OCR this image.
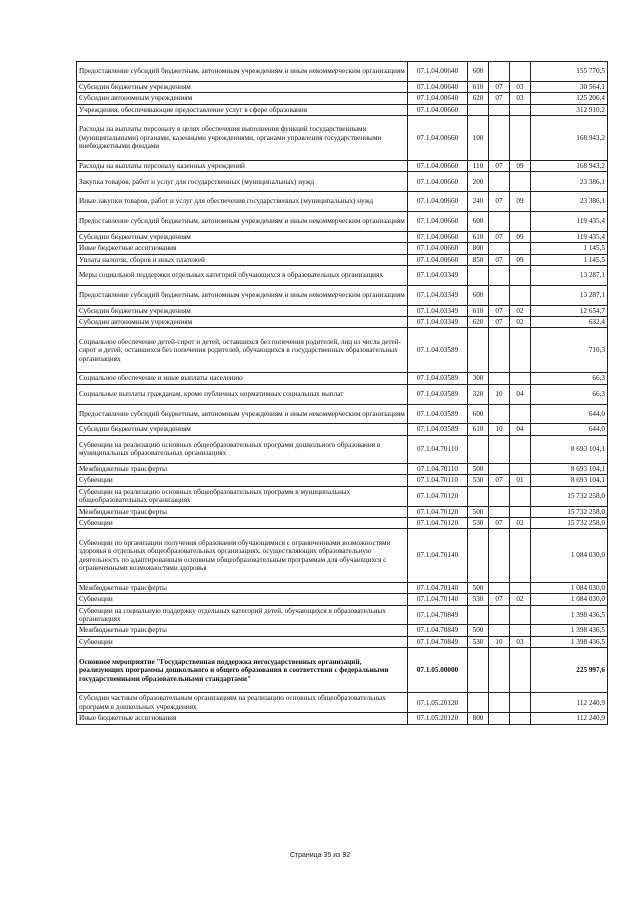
Предоставление субсидий бюджетным, автономным учреждениям и иным некоммерческим организациям	07.1.04.00640	600			155 770,5
Субсидии бюджетным учреждениям	07.1.04.00640	610	07	03	30 564,1
Субсидии автономным учреждениям	07.1.04.00640	620	07	03	125 206,4
Учреждения, обеспечивающие предоставление услуг в сфере образования	07.1.04.00660				312 910,2
Расходы на выплаты персоналу в целях обеспечения выполнения функций государственными (муниципальными) органами, казенными учреждениями, органами управления государственными внебюджетными фондами	07.1.04.00660	100			168 943,2
Расходы на выплаты персоналу казенных учреждений	07.1.04.00660	110	07	09	168 943,2
Закупка товаров, работ и услуг для государственных (муниципальных) нужд	07.1.04.00660	200			23 386,1
Иные закупки товаров, работ и услуг для обеспечения государственных (муниципальных) нужд	07.1.04.00660	240	07	09	23 386,1
Предоставление субсидий бюджетным, автономным учреждениям и иным некоммерческим организациям	07.1.04.00660	600			119 435,4
Субсидии бюджетным учреждениям	07.1.04.00660	610	07	09	119 435,4
Иные бюджетные ассигнования	07.1.04.00660	800			1 145,5
Уплата налогов, сборов и иных платежей	07.1.04.00660	850	07	09	1 145,5
Меры социальной поддержки отдельных категорий обучающихся в образовательных организациях	07.1.04.03349				13 287,1
Предоставление субсидий бюджетным, автономным учреждениям и иным некоммерческим организациям	07.1.04.03349	600			13 287,1
Субсидии бюджетным учреждениям	07.1.04.03349	610	07	02	12 654,7
Субсидии автономным учреждениям	07.1.04.03349	620	07	02	632,4
Социальное обеспечение детей-сирот и детей, оставшихся без попечения родителей, лиц из числа детей-сирот и детей, оставшихся без попечения родителей, обучающихся в государственных образовательных организациях	07.1.04.03589				710,3
Социальное обеспечение и иные выплаты населению	07.1.04.03589	300			66,3
Социальные выплаты гражданам, кроме публичных нормативных социальных выплат	07.1.04.03589	320	10	04	66,3
Предоставление субсидий бюджетным, автономным учреждениям и иным некоммерческим организациям	07.1.04.03589	600			644,0
Субсидии бюджетным учреждениям	07.1.04.03589	610	10	04	644,0
Субвенции на реализацию основных общеобразовательных программ дошкольного образования в муниципальных образовательных организациях	07.1.04.70110				8 693 104,1
Межбюджетные трансферты	07.1.04.70110	500			8 693 104,1
Субвенции	07.1.04.70110	530	07	01	8 693 104,1
Субвенции на реализацию основных общеобразовательных программ в муниципальных общеобразовательных организациях	07.1.04.70120				15 732 258,0
Межбюджетные трансферты	07.1.04.70120	500			15 732 258,0
Субвенции	07.1.04.70120	530	07	02	15 732 258,0
Субвенции по организации получения образования обучающимися с ограниченными возможностями здоровья в отдельных общеобразовательных организациях, осуществляющих образовательную деятельность по адаптированным основным общеобразовательным программам для обучающихся с ограниченными возможностями здоровья	07.1.04.70140				1 084 030,0
Межбюджетные трансферты	07.1.04.70140	500			1 084 030,0
Субвенции	07.1.04.70140	530	07	02	1 084 030,0
Субвенции на социальную поддержку отдельных категорий детей, обучающихся в образовательных организациях	07.1.04.70849				1 398 436,5
Межбюджетные трансферты	07.1.04.70849	500			1 398 436,5
Субвенции	07.1.04.70849	530	10	03	1 398 436,5
Основное мероприятие "Государственная поддержка негосударственных организаций, реализующих программы дошкольного и общего образования в соответствии с федеральными государственными образовательными стандартами"	07.1.05.00000				225 997,6
Субсидии частным образовательным организациям на реализацию основных общеобразовательных программ в дошкольных учреждениях	07.1.05.20120				112 240,9
Иные бюджетные ассигнования	07.1.05.20120	800			112 240,9
Страница 35 из 92
